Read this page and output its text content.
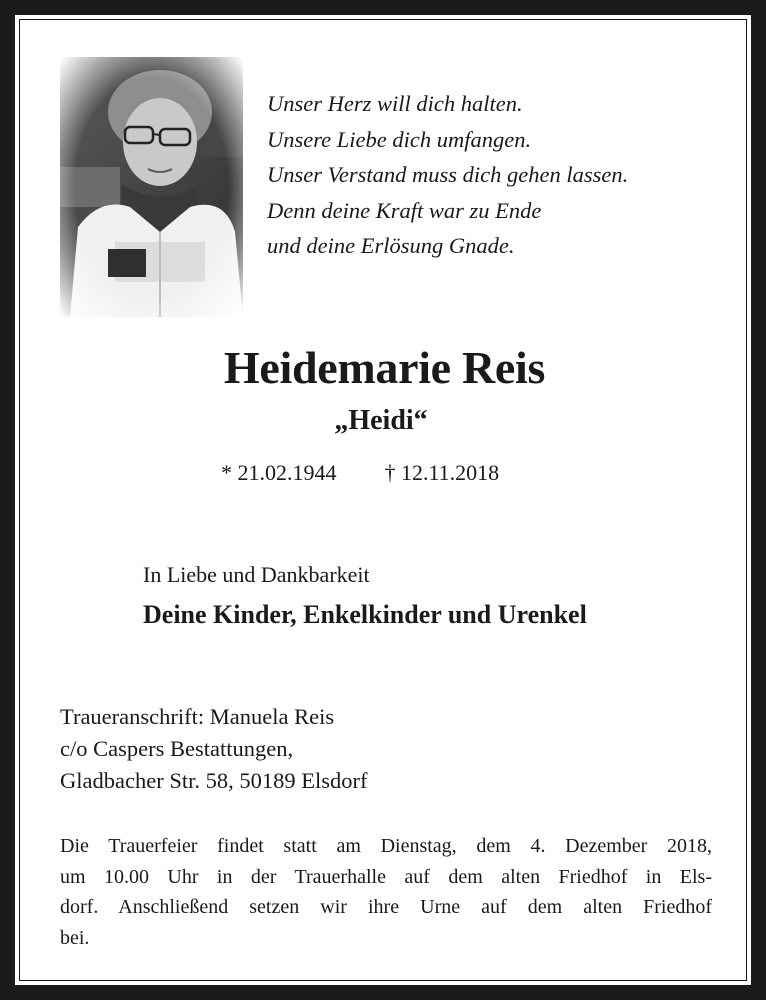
Unser Herz will dich halten.
Unsere Liebe dich umfangen.
Unser Verstand muss dich gehen lassen.
Denn deine Kraft war zu Ende
und deine Erlösung Gnade.
Heidemarie Reis
„Heidi“
* 21.02.1944 † 12.11.2018
In Liebe und Dankbarkeit
Deine Kinder, Enkelkinder und Urenkel
Traueranschrift: Manuela Reis
c/o Caspers Bestattungen,
Gladbacher Str. 58, 50189 Elsdorf
Die Trauerfeier findet statt am Dienstag, dem 4. Dezember 2018,
um 10.00 Uhr in der Trauerhalle auf dem alten Friedhof in Els-
dorf. Anschließend setzen wir ihre Urne auf dem alten Friedhof
bei.
